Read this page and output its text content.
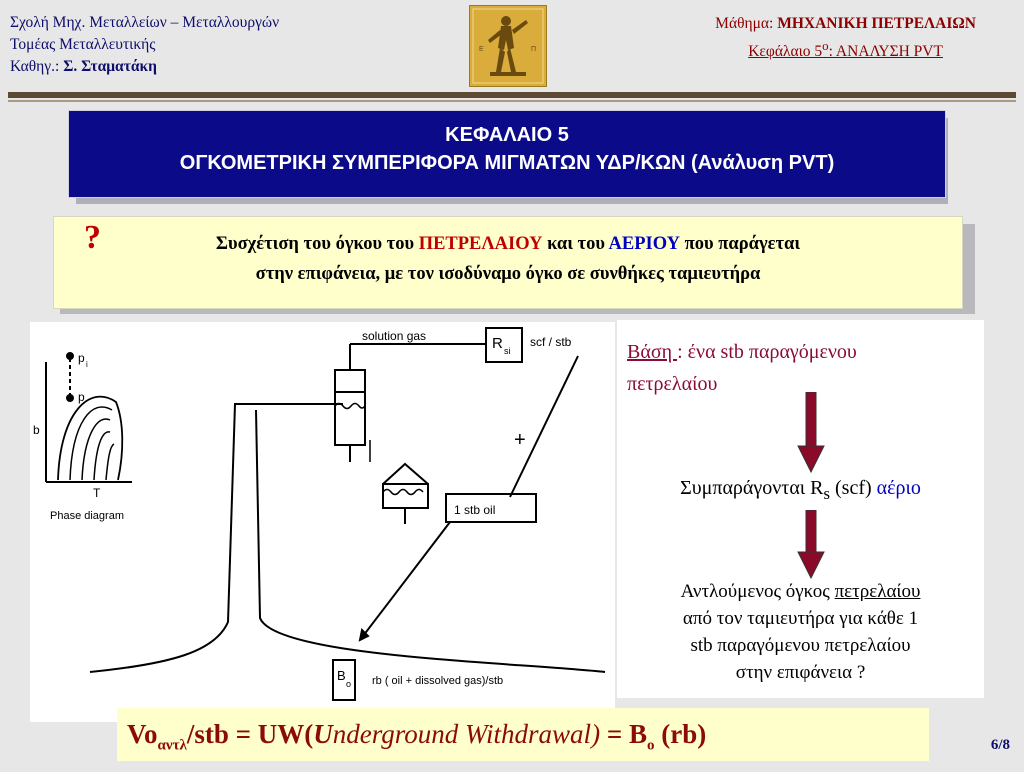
Σχολή Μηχ. Μεταλλείων – Μεταλλουργών
Τομέας Μεταλλευτικής
Καθηγ.: Σ. Σταματάκη
Ε	Π
Μάθημα: ΜΗΧΑΝΙΚΗ ΠΕΤΡΕΛΑΙΩΝ
Κεφάλαιο $5^o$: ΑΝΑΛΥΣΗ PVT
ΚΕΦΑΛΑΙΟ 5
ΟΓΚΟΜΕΤΡΙΚΗ ΣΥΜΠΕΡΙΦΟΡΑ ΜΙΓΜΑΤΩΝ ΥΔΡ/ΚΩΝ (Ανάλυση PVT)
?	Συσχέτιση του όγκου του ΠΕΤΡΕΛΑΙΟΥ και του ΑΕΡΙΟΥ που παράγεται
στην επιφάνεια, με τον ισοδύναμο όγκο σε συνθήκες ταμιευτήρα
p i
p
b
T
Phase diagram
solution gas	R si
scf / stb
+
1 stb oil
B
o rb ( oil + dissolved gas)/stb
Βάση : ένα stb παραγόμενου
πετρελαίου
Συμπαράγονται $R_s$ (scf) αέριο
Αντλούμενος όγκος πετρελαίου
από τον ταμιευτήρα για κάθε 1
stb παραγόμενου πετρελαίου
στην επιφάνεια ?
$Vo_{\alpha\nu\tau\lambda}$/stb = UW(Underground Withdrawal) = $B_o$ (rb)	6/8
